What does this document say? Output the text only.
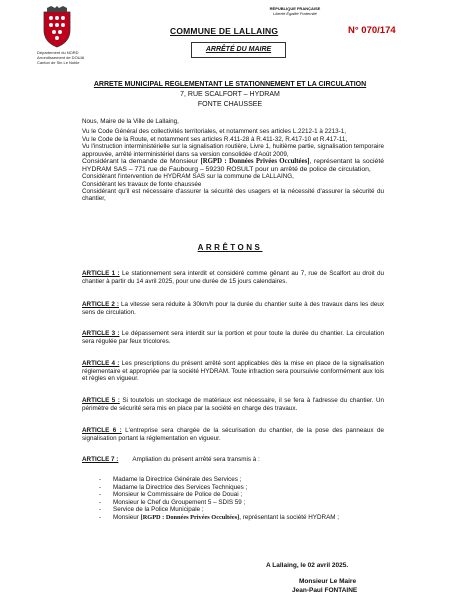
Département du NORD
Arrondissement de DOUAI
Canton de Sin Le Noble
RÉPUBLIQUE FRANÇAISE
Liberté Égalité Fraternité
COMMUNE DE LALLAING	N° 070/174
ARRÊTÉ DU MAIRE
ARRETE MUNICIPAL REGLEMENTANT LE STATIONNEMENT ET LA CIRCULATION
7, RUE SCALFORT – HYDRAM
FONTE CHAUSSEE

Nous, Maire de la Ville de Lallaing,

Vu le Code Général des collectivités territoriales, et notamment ses articles L.2212-1 à 2213-1,

Vu le Code de la Route, et notamment ses articles R.411-28 à R.411-32, R.417-10 et R.417-11,

Vu l'instruction interministérielle sur la signalisation routière, Livre 1, huitième partie, signalisation temporaire approuvée, arrêté interministériel dans sa version consolidée d'Août 2009,

Considérant la demande de Monsieur [RGPD : Données Privées Occultées], représentant la société HYDRAM SAS – 771 rue de Faubourg – 59230 ROSULT pour un arrêté de police de circulation,

Considérant l'intervention de HYDRAM SAS sur la commune de LALLAING,

Considérant les travaux de fonte chaussée

Considérant qu'il est nécessaire d'assurer la sécurité des usagers et la nécessité d'assurer la sécurité du chantier,

ARRÊTONS
ARTICLE 1 : Le stationnement sera interdit et considéré comme gênant au 7, rue de Scalfort au droit du chantier à partir du 14 avril 2025, pour une durée de 15 jours calendaires.
ARTICLE 2 : La vitesse sera réduite à 30km/h pour la durée du chantier suite à des travaux dans les deux sens de circulation.
ARTICLE 3 : Le dépassement sera interdit sur la portion et pour toute la durée du chantier. La circulation sera régulée par feux tricolores.
ARTICLE 4 : Les prescriptions du présent arrêté sont applicables dès la mise en place de la signalisation réglementaire et appropriée par la société HYDRAM. Toute infraction sera poursuivie conformément aux lois et règles en vigueur.
ARTICLE 5 : Si toutefois un stockage de matériaux est nécessaire, il se fera à l'adresse du chantier. Un périmètre de sécurité sera mis en place par la société en charge des travaux.
ARTICLE 6 : L'entreprise sera chargée de la sécurisation du chantier, de la pose des panneaux de signalisation portant la réglementation en vigueur.
ARTICLE 7 : Ampliation du présent arrêté sera transmis à :
- Madame la Directrice Générale des Services ;
- Madame la Directrice des Services Techniques ;
- Monsieur le Commissaire de Police de Douai ;
- Monsieur le Chef du Groupement 5 – SDIS 59 ;
- Service de la Police Municipale ;
- Monsieur [RGPD : Données Privées Occultées], représentant la société HYDRAM ;
A Lallaing, le 02 avril 2025.
Monsieur Le Maire
Jean-Paul FONTAINE
